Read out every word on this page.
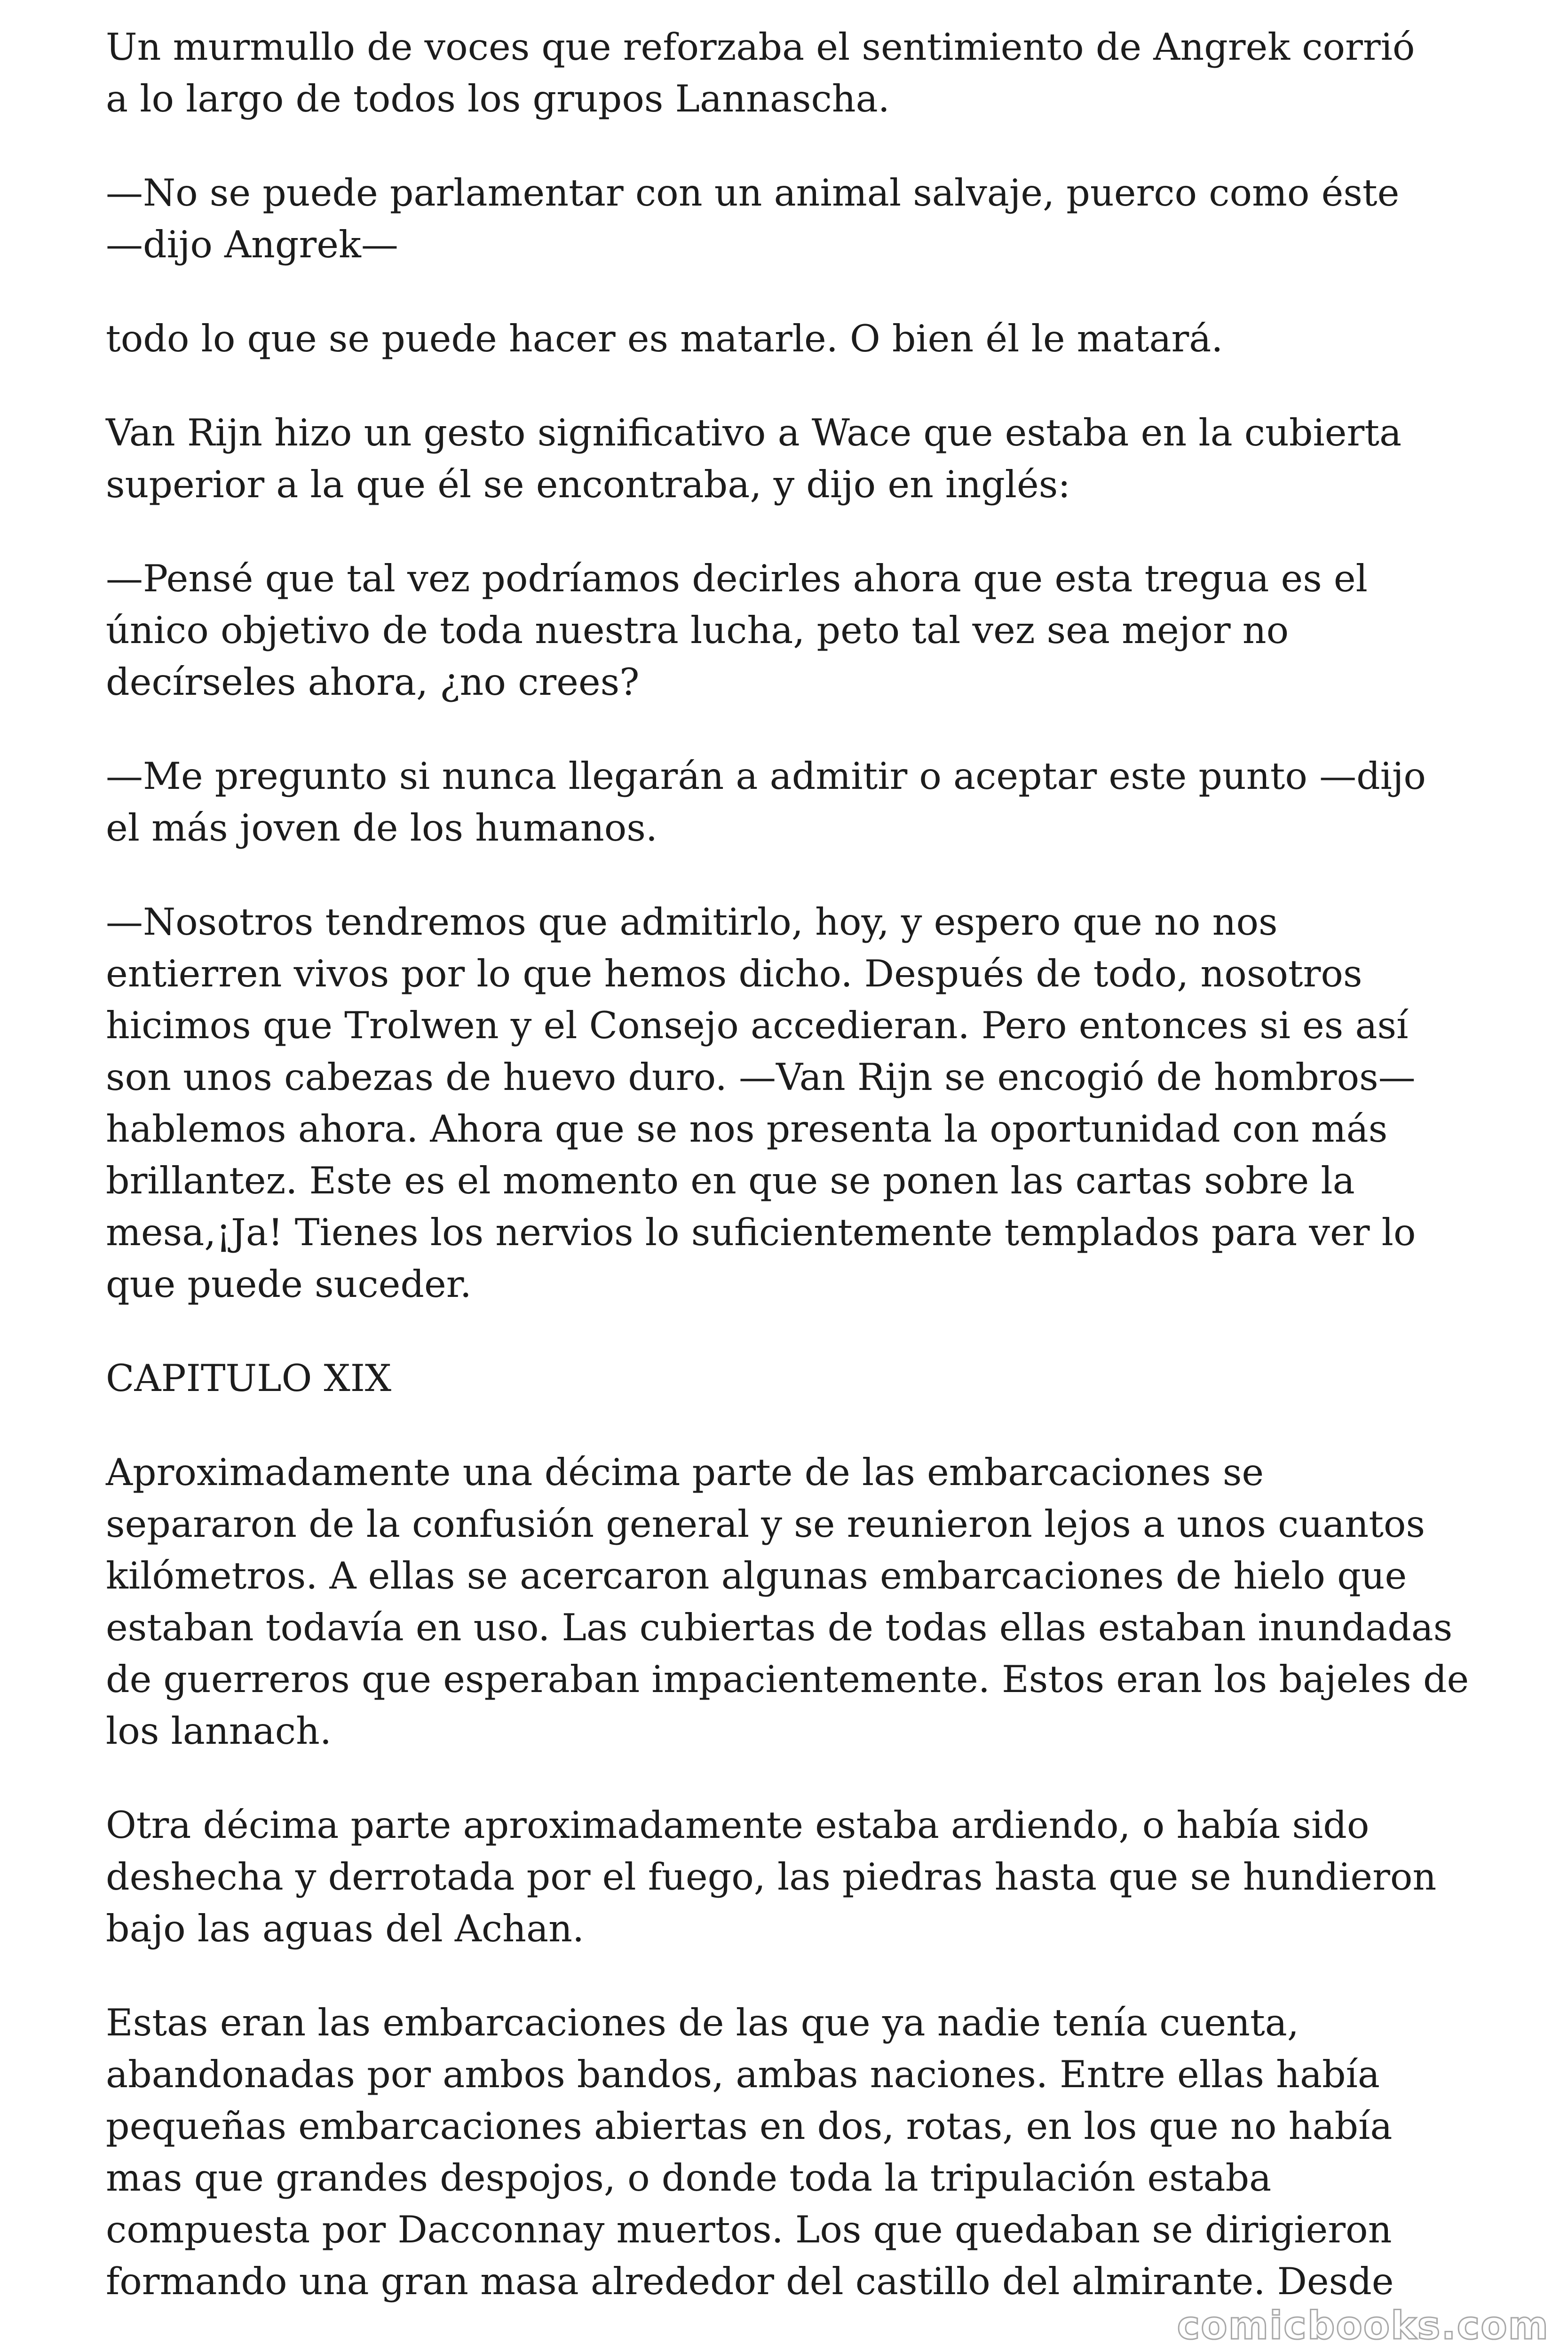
Un murmullo de voces que reforzaba el sentimiento de Angrek corrió
a lo largo de todos los grupos Lannascha.

—No se puede parlamentar con un animal salvaje, puerco como éste
—dijo Angrek—

todo lo que se puede hacer es matarle. O bien él le matará.

Van Rijn hizo un gesto significativo a Wace que estaba en la cubierta
superior a la que él se encontraba, y dijo en inglés:

—Pensé que tal vez podríamos decirles ahora que esta tregua es el
único objetivo de toda nuestra lucha, peto tal vez sea mejor no
decírseles ahora, ¿no crees?

—Me pregunto si nunca llegarán a admitir o aceptar este punto —dijo
el más joven de los humanos.

—Nosotros tendremos que admitirlo, hoy, y espero que no nos
entierren vivos por lo que hemos dicho. Después de todo, nosotros
hicimos que Trolwen y el Consejo accedieran. Pero entonces si es así
son unos cabezas de huevo duro. —Van Rijn se encogió de hombros—
hablemos ahora. Ahora que se nos presenta la oportunidad con más
brillantez. Este es el momento en que se ponen las cartas sobre la
mesa,¡Ja! Tienes los nervios lo suficientemente templados para ver lo
que puede suceder.

CAPITULO XIX

Aproximadamente una décima parte de las embarcaciones se
separаron de la confusión general y se reunieron lejos a unos cuantos
kilómetros. A ellas se acercaron algunas embarcaciones de hielo que
estaban todavía en uso. Las cubiertas de todas ellas estaban inundadas
de guerreros que esperaban impacientemente. Estos eran los bajeles de
los lannach.

Otra décima parte aproximadamente estaba ardiendo, o había sido
deshecha y derrotada por el fuego, las piedras hasta que se hundieron
bajo las aguas del Achan.

Estas eran las embarcaciones de las que ya nadie tenía cuenta,
abandonadas por ambos bandos, ambas naciones. Entre ellas había
pequeñas embarcaciones abiertas en dos, rotas, en los que no había
mas que grandes despojos, o donde toda la tripulación estaba
compuesta por Dacconnay muertos. Los que quedaban se dirigieron
formando una gran masa alrededor del castillo del almirante. Desde

comicbooks.com
